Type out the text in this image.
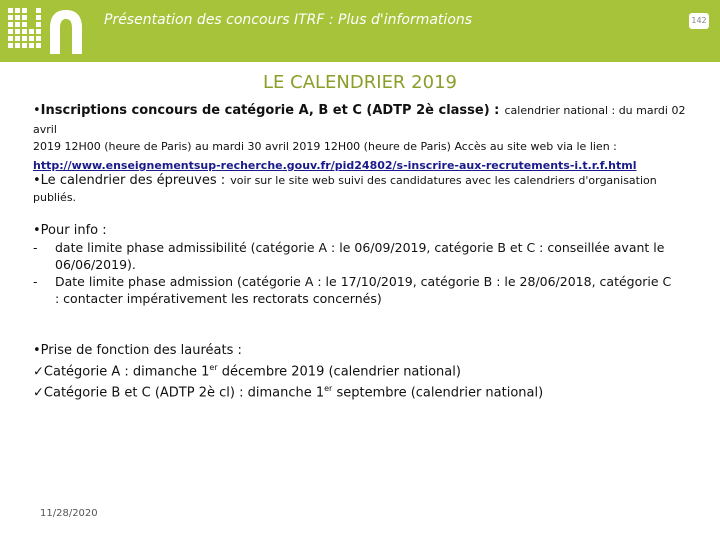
Présentation des concours ITRF : Plus d'informations	142
LE CALENDRIER 2019

•Inscriptions concours de catégorie A, B et C (ADTP 2è classe) : calendrier national : du mardi 02 avril

2019 12H00 (heure de Paris) au mardi 30 avril 2019 12H00 (heure de Paris) Accès au site web via le lien :

http://www.enseignementsup-recherche.gouv.fr/pid24802/s-inscrire-aux-recrutements-i.t.r.f.html

•Le calendrier des épreuves : voir sur le site web suivi des candidatures avec les calendriers d'organisation

publiés.

•Pour info :

- date limite phase admissibilité (catégorie A : le 06/09/2019, catégorie B et C : conseillée avant le
06/06/2019).
- Date limite phase admission (catégorie A : le 17/10/2019, catégorie B : le 28/06/2018, catégorie C
: contacter impérativement les rectorats concernés)

•Prise de fonction des lauréats :

✓Catégorie A : dimanche 1er décembre 2019 (calendrier national)

✓Catégorie B et C (ADTP 2è cl) : dimanche 1er septembre (calendrier national)

11/28/2020
